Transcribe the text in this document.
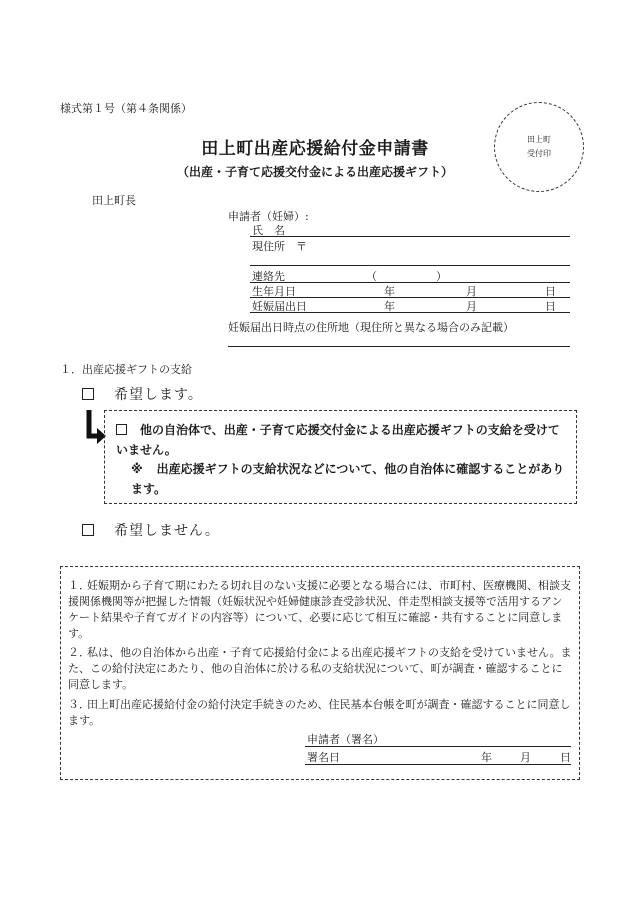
様式第１号（第４条関係）
田上町
受付印
田上町出産応援給付金申請書
（出産・子育て応援交付金による出産応援ギフト）
田上町長
申請者（妊婦）:
氏　名
現住所　〒
連絡先	（	）
生年月日	年	月	日
妊娠届出日	年	月	日
妊娠届出日時点の住所地（現住所と異なる場合のみ記載）
１．出産応援ギフトの支給
希望します。
他の自治体で、出産・子育て応援交付金による出産応援ギフトの支給を受けていません。
※ 出産応援ギフトの支給状況などについて、他の自治体に確認することがあります。
希望しません。
１．妊娠期から子育て期にわたる切れ目のない支援に必要となる場合には、市町村、医療機関、相談支援関係機関等が把握した情報（妊娠状況や妊婦健康診査受診状況、伴走型相談支援等で活用するアンケート結果や子育てガイドの内容等）について、必要に応じて相互に確認・共有することに同意します。
２．私は、他の自治体から出産・子育て応援給付金による出産応援ギフトの支給を受けていません。また、この給付決定にあたり、他の自治体に於ける私の支給状況について、町が調査・確認することに同意します。
３．田上町出産応援給付金の給付決定手続きのため、住民基本台帳を町が調査・確認することに同意します。
申請者（署名）
署名日	年	月	日
